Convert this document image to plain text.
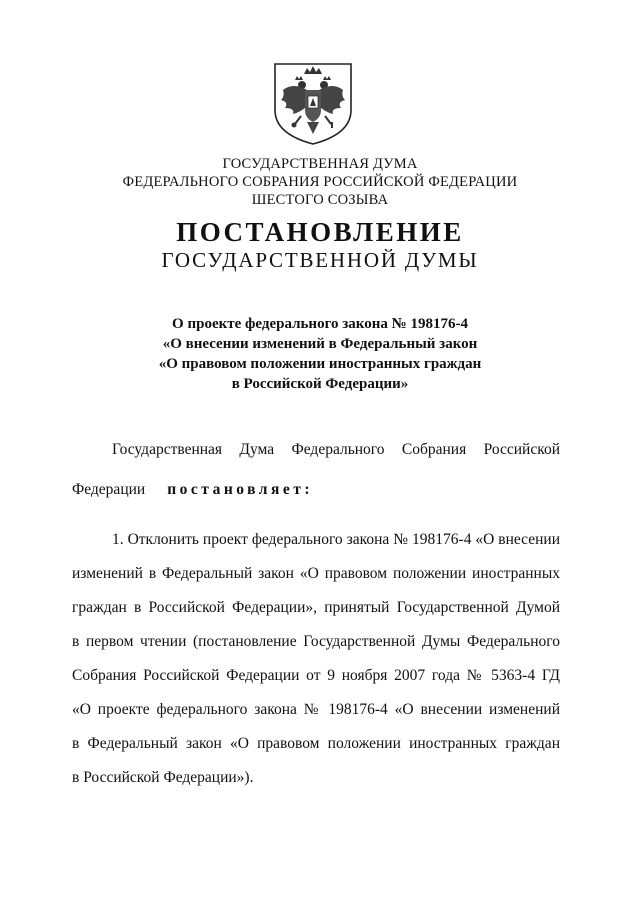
ГОСУДАРСТВЕННАЯ ДУМА
ФЕДЕРАЛЬНОГО СОБРАНИЯ РОССИЙСКОЙ ФЕДЕРАЦИИ
ШЕСТОГО СОЗЫВА
ПОСТАНОВЛЕНИЕ
ГОСУДАРСТВЕННОЙ ДУМЫ
О проекте федерального закона № 198176-4
«О внесении изменений в Федеральный закон
«О правовом положении иностранных граждан
в Российской Федерации»
Государственная Дума Федерального Собрания Российской
Федерации постановляет:
1. Отклонить проект федерального закона № 198176-4 «О внесении
изменений в Федеральный закон «О правовом положении иностранных
граждан в Российской Федерации», принятый Государственной Думой
в первом чтении (постановление Государственной Думы Федерального
Собрания Российской Федерации от 9 ноября 2007 года № 5363-4 ГД
«О проекте федерального закона № 198176-4 «О внесении изменений
в Федеральный закон «О правовом положении иностранных граждан
в Российской Федерации»).
